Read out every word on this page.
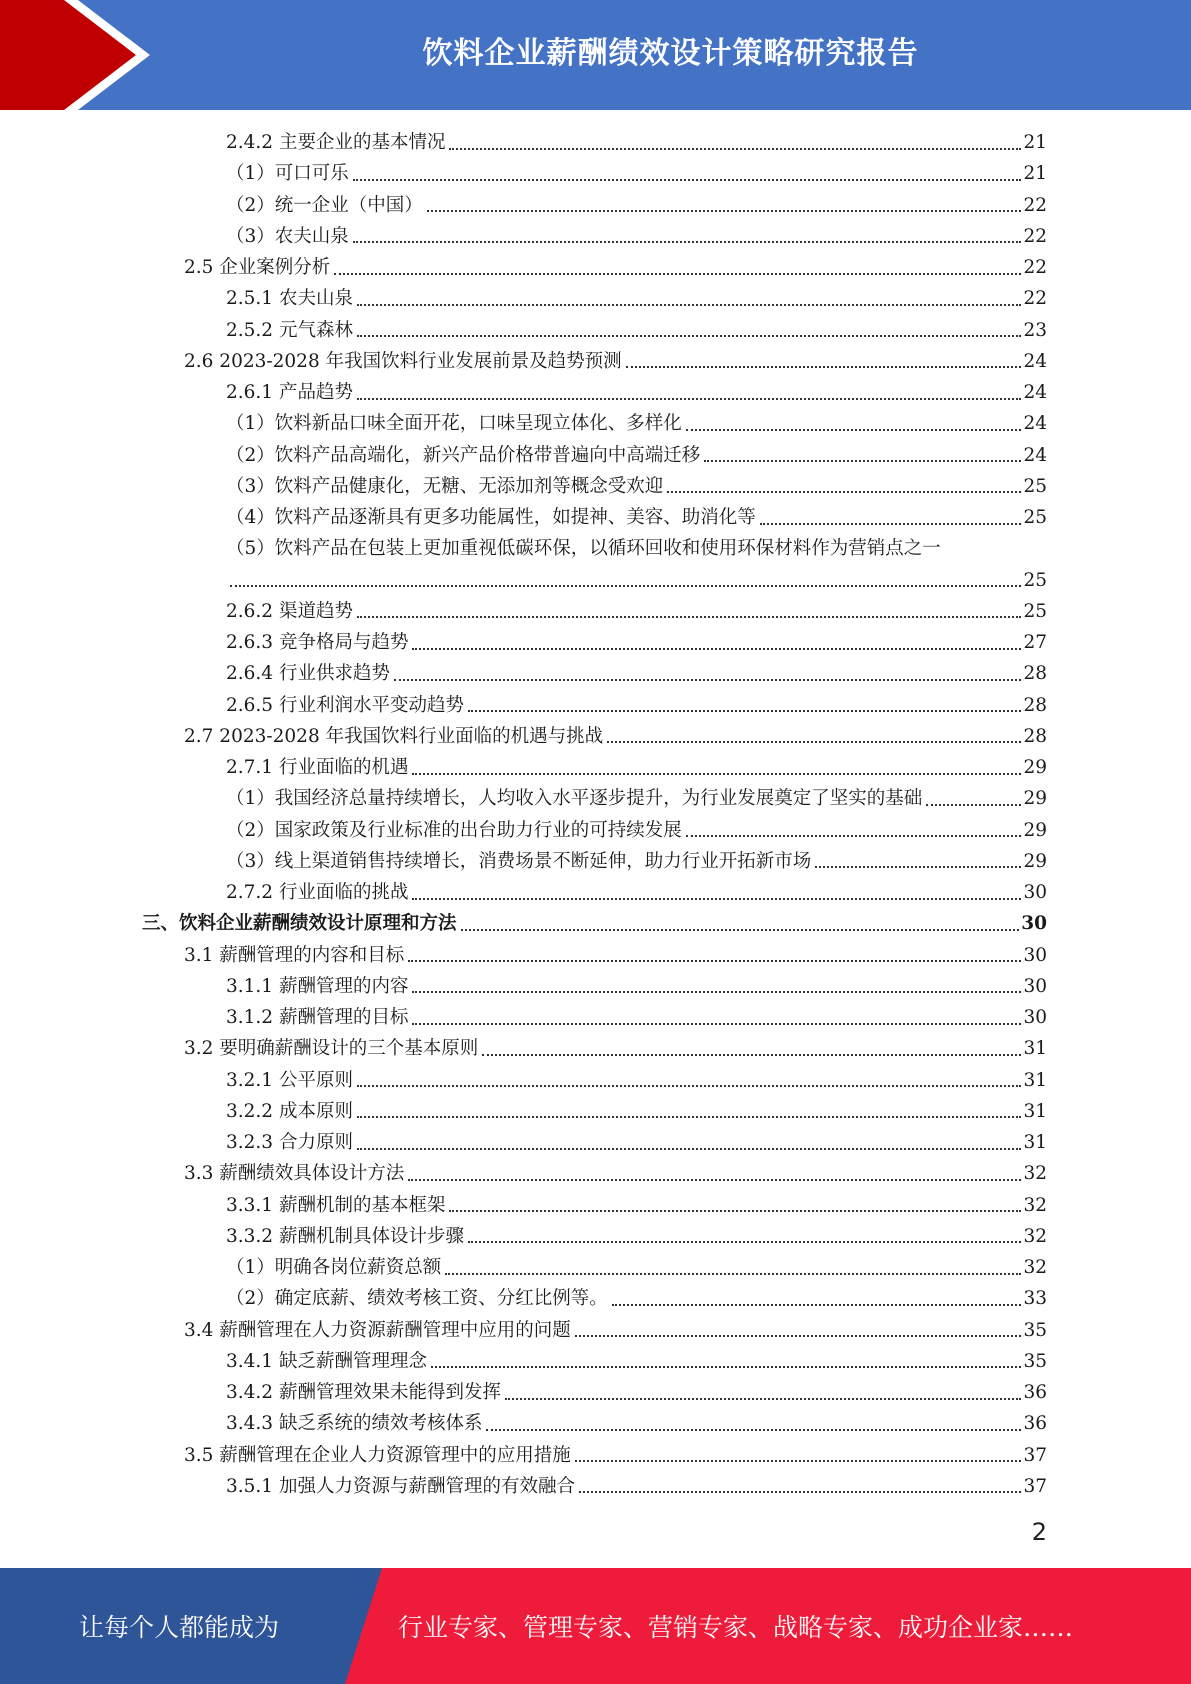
饮料企业薪酬绩效设计策略研究报告
2.4.2 主要企业的基本情况	21
（1）可口可乐	21
（2）统一企业（中国）	22
（3）农夫山泉	22
2.5 企业案例分析	22
2.5.1 农夫山泉	22
2.5.2 元气森林	23
2.6 2023-2028 年我国饮料行业发展前景及趋势预测	24
2.6.1 产品趋势	24
（1）饮料新品口味全面开花，口味呈现立体化、多样化	24
（2）饮料产品高端化，新兴产品价格带普遍向中高端迁移	24
（3）饮料产品健康化，无糖、无添加剂等概念受欢迎	25
（4）饮料产品逐渐具有更多功能属性，如提神、美容、助消化等	25
（5）饮料产品在包装上更加重视低碳环保，以循环回收和使用环保材料作为营销点之一
25
2.6.2 渠道趋势	25
2.6.3 竞争格局与趋势	27
2.6.4 行业供求趋势	28
2.6.5 行业利润水平变动趋势	28
2.7 2023-2028 年我国饮料行业面临的机遇与挑战	28
2.7.1 行业面临的机遇	29
（1）我国经济总量持续增长，人均收入水平逐步提升，为行业发展奠定了坚实的基础	29
（2）国家政策及行业标准的出台助力行业的可持续发展	29
（3）线上渠道销售持续增长，消费场景不断延伸，助力行业开拓新市场	29
2.7.2 行业面临的挑战	30
三、饮料企业薪酬绩效设计原理和方法	30
3.1 薪酬管理的内容和目标	30
3.1.1 薪酬管理的内容	30
3.1.2 薪酬管理的目标	30
3.2 要明确薪酬设计的三个基本原则	31
3.2.1 公平原则	31
3.2.2 成本原则	31
3.2.3 合力原则	31
3.3 薪酬绩效具体设计方法	32
3.3.1 薪酬机制的基本框架	32
3.3.2 薪酬机制具体设计步骤	32
（1）明确各岗位薪资总额	32
（2）确定底薪、绩效考核工资、分红比例等。	33
3.4 薪酬管理在人力资源薪酬管理中应用的问题	35
3.4.1 缺乏薪酬管理理念	35
3.4.2 薪酬管理效果未能得到发挥	36
3.4.3 缺乏系统的绩效考核体系	36
3.5 薪酬管理在企业人力资源管理中的应用措施	37
3.5.1 加强人力资源与薪酬管理的有效融合	37
2
让每个人都能成为	行业专家、管理专家、营销专家、战略专家、成功企业家……
